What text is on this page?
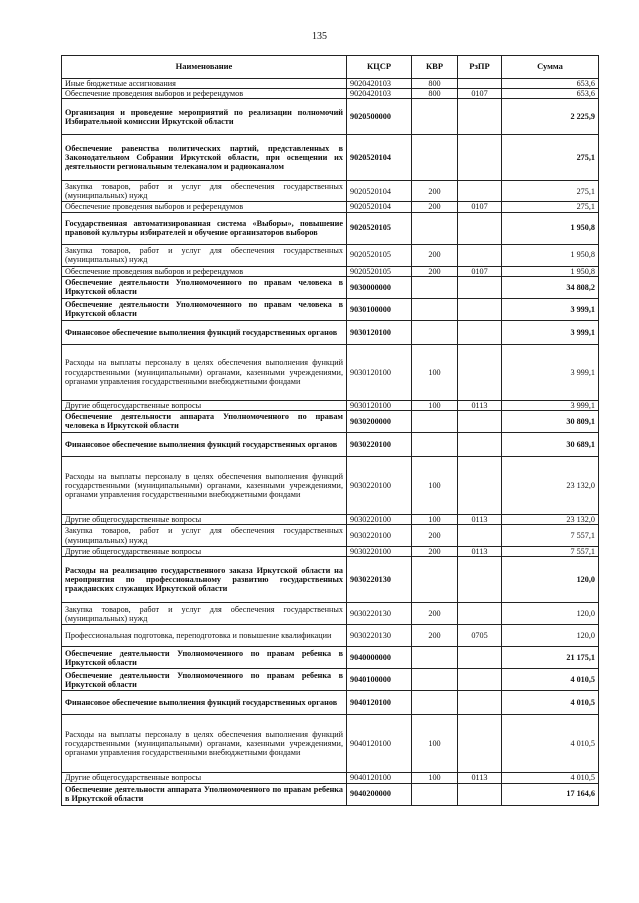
135
Наименование	КЦСР	КВР	РзПР	Сумма
Иные бюджетные ассигнования	9020420103	800		653,6
Обеспечение проведения выборов и референдумов	9020420103	800	0107	653,6
Организация и проведение мероприятий по реализации полномочий Избирательной комиссии Иркутской области	9020500000			2 225,9
Обеспечение равенства политических партий, представленных в Законодательном Собрании Иркутской области, при освещении их деятельности региональным телеканалом и радиоканалом	9020520104			275,1
Закупка товаров, работ и услуг для обеспечения государственных (муниципальных) нужд	9020520104	200		275,1
Обеспечение проведения выборов и референдумов	9020520104	200	0107	275,1
Государственная автоматизированная система «Выборы», повышение правовой культуры избирателей и обучение организаторов выборов	9020520105			1 950,8
Закупка товаров, работ и услуг для обеспечения государственных (муниципальных) нужд	9020520105	200		1 950,8
Обеспечение проведения выборов и референдумов	9020520105	200	0107	1 950,8
Обеспечение деятельности Уполномоченного по правам человека в Иркутской области	9030000000			34 808,2
Обеспечение деятельности Уполномоченного по правам человека в Иркутской области	9030100000			3 999,1
Финансовое обеспечение выполнения функций государственных органов	9030120100			3 999,1
Расходы на выплаты персоналу в целях обеспечения выполнения функций государственными (муниципальными) органами, казенными учреждениями, органами управления государственными внебюджетными фондами	9030120100	100		3 999,1
Другие общегосударственные вопросы	9030120100	100	0113	3 999,1
Обеспечение деятельности аппарата Уполномоченного по правам человека в Иркутской области	9030200000			30 809,1
Финансовое обеспечение выполнения функций государственных органов	9030220100			30 689,1
Расходы на выплаты персоналу в целях обеспечения выполнения функций государственными (муниципальными) органами, казенными учреждениями, органами управления государственными внебюджетными фондами	9030220100	100		23 132,0
Другие общегосударственные вопросы	9030220100	100	0113	23 132,0
Закупка товаров, работ и услуг для обеспечения государственных (муниципальных) нужд	9030220100	200		7 557,1
Другие общегосударственные вопросы	9030220100	200	0113	7 557,1
Расходы на реализацию государственного заказа Иркутской области на мероприятия по профессиональному развитию государственных гражданских служащих Иркутской области	9030220130			120,0
Закупка товаров, работ и услуг для обеспечения государственных (муниципальных) нужд	9030220130	200		120,0
Профессиональная подготовка, переподготовка и повышение квалификации	9030220130	200	0705	120,0
Обеспечение деятельности Уполномоченного по правам ребенка в Иркутской области	9040000000			21 175,1
Обеспечение деятельности Уполномоченного по правам ребенка в Иркутской области	9040100000			4 010,5
Финансовое обеспечение выполнения функций государственных органов	9040120100			4 010,5
Расходы на выплаты персоналу в целях обеспечения выполнения функций государственными (муниципальными) органами, казенными учреждениями, органами управления государственными внебюджетными фондами	9040120100	100		4 010,5
Другие общегосударственные вопросы	9040120100	100	0113	4 010,5
Обеспечение деятельности аппарата Уполномоченного по правам ребенка в Иркутской области	9040200000			17 164,6
